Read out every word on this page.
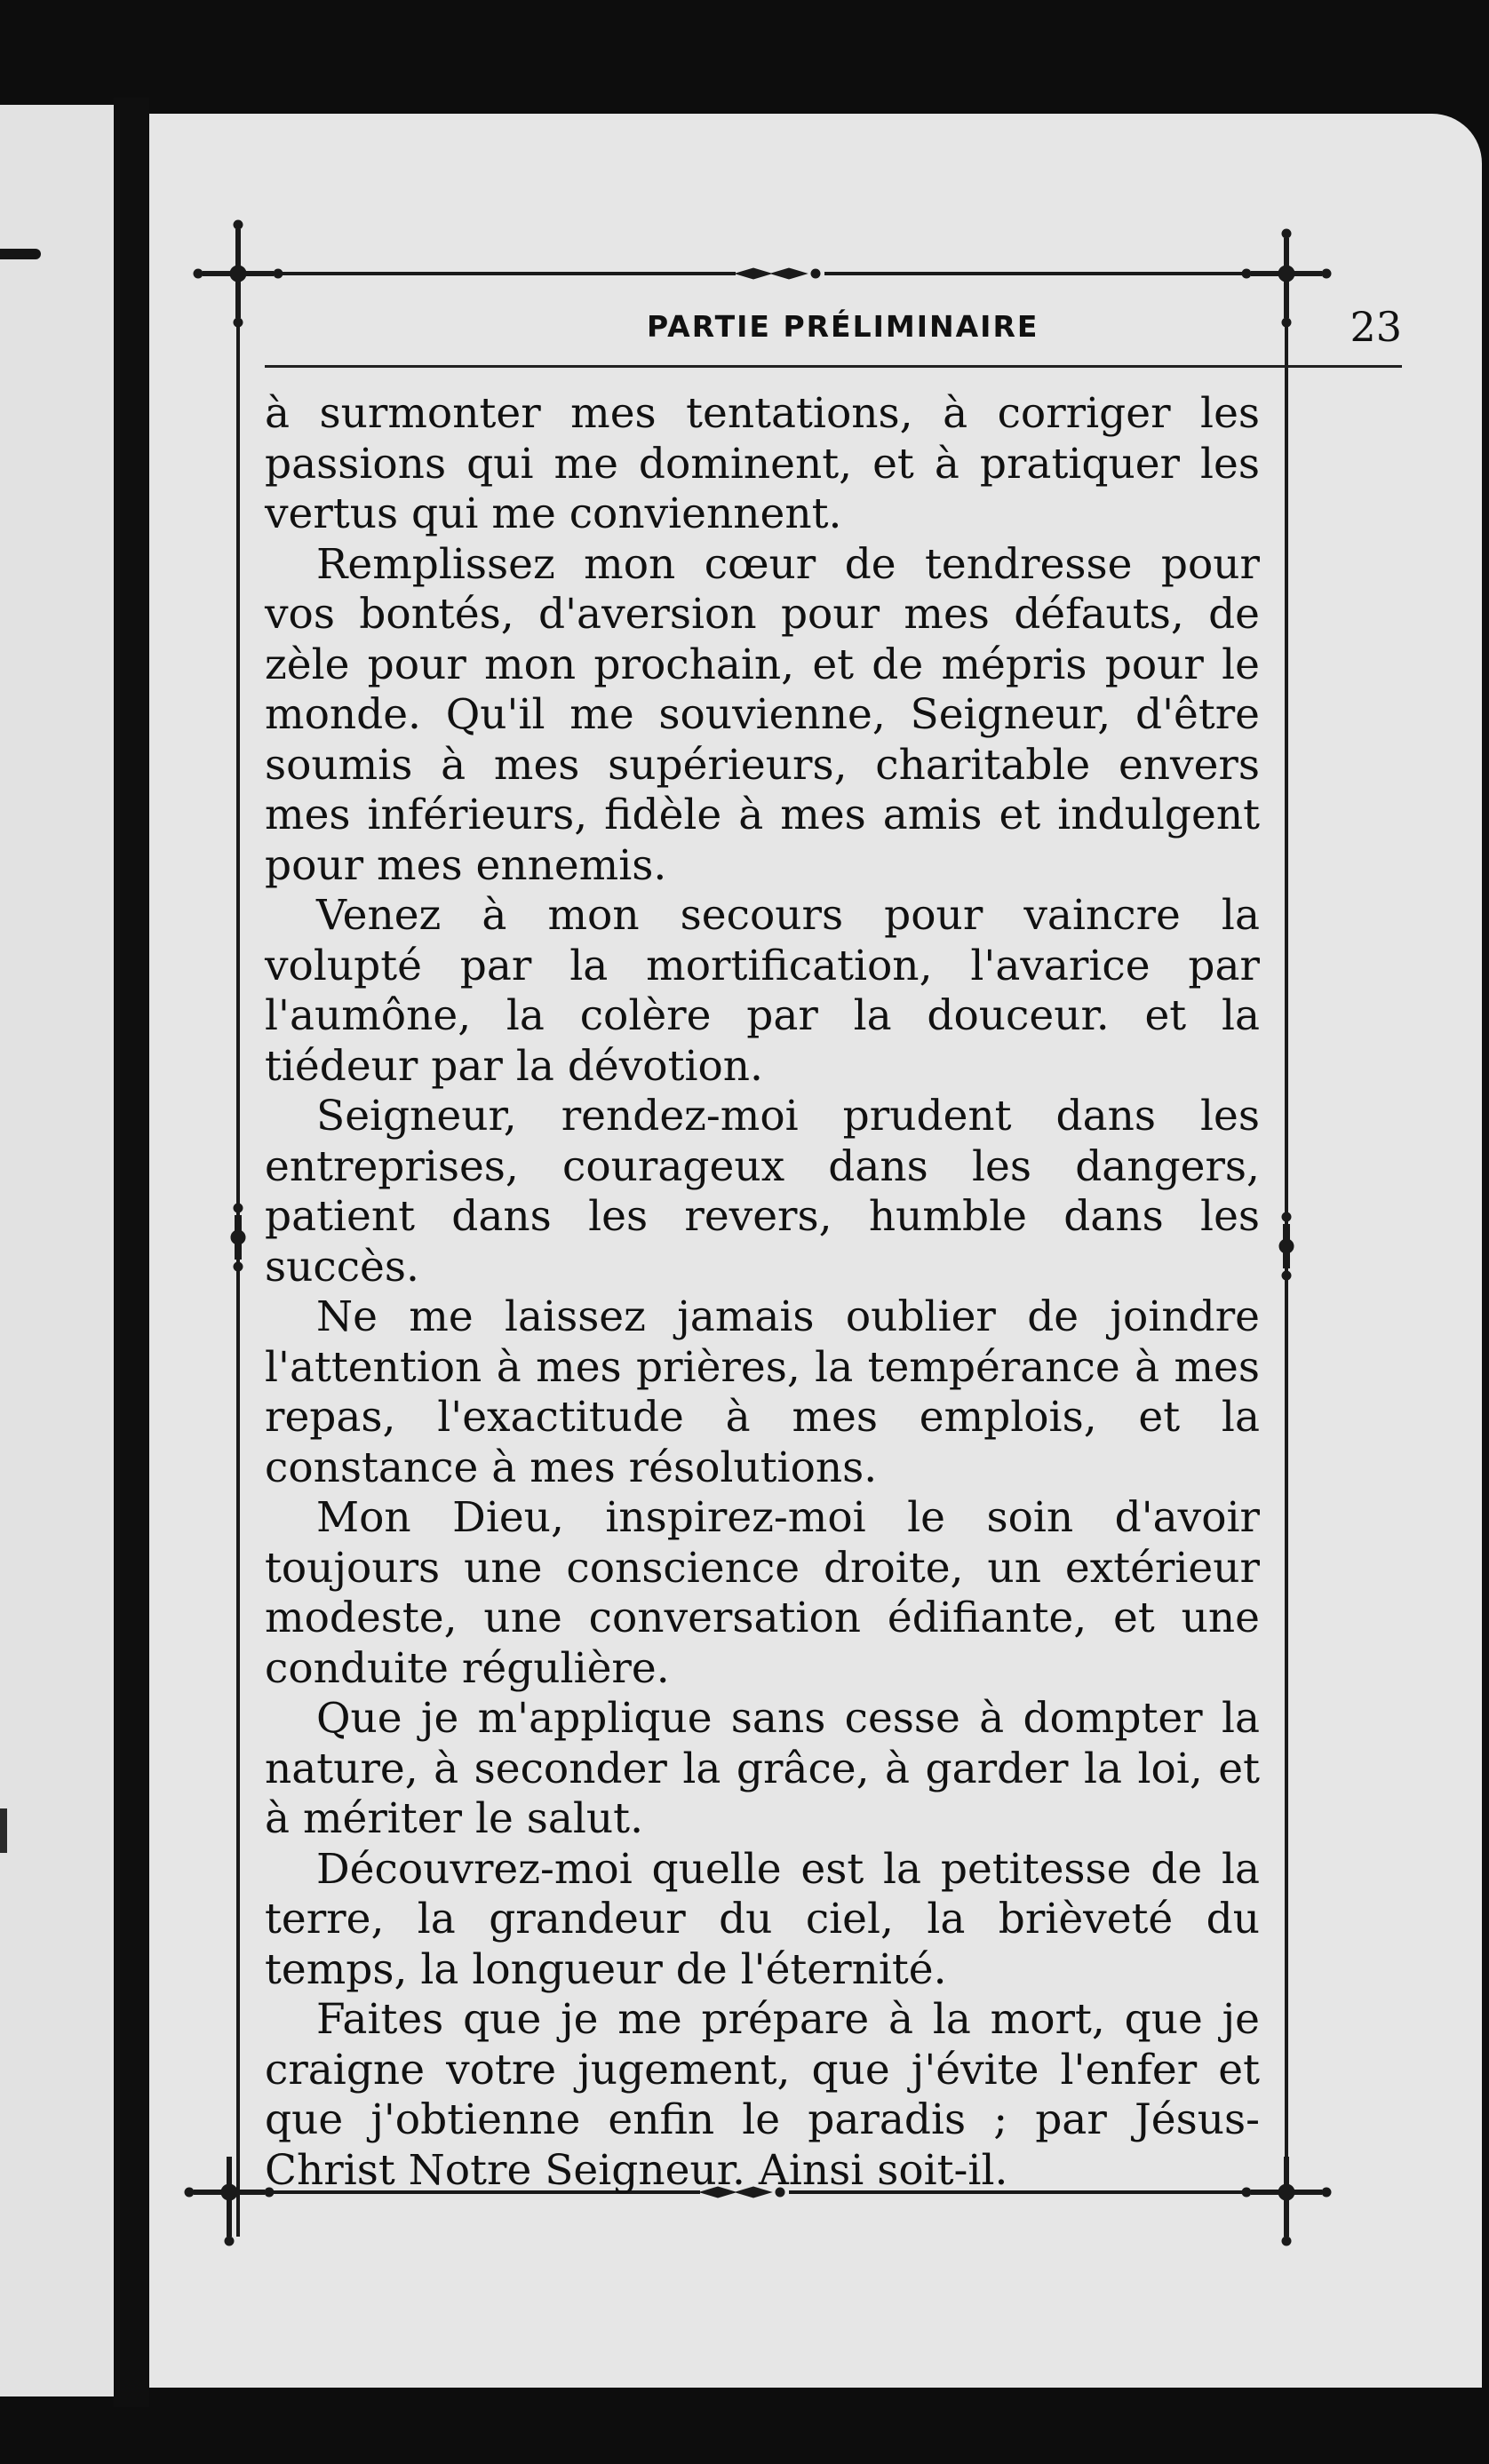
PARTIE PRÉLIMINAIRE	23

à surmonter mes tentations, à corriger les passions qui me dominent, et à pratiquer les vertus qui me conviennent.

Remplissez mon cœur de tendresse pour vos bontés, d'aversion pour mes défauts, de zèle pour mon prochain, et de mépris pour le monde. Qu'il me souvienne, Seigneur, d'être soumis à mes supérieurs, charitable envers mes inférieurs, fidèle à mes amis et indulgent pour mes ennemis.

Venez à mon secours pour vaincre la volupté par la mortification, l'avarice par l'aumône, la colère par la douceur. et la tiédeur par la dévotion.

Seigneur, rendez-moi prudent dans les entreprises, courageux dans les dangers, patient dans les revers, humble dans les succès.

Ne me laissez jamais oublier de joindre l'attention à mes prières, la tempérance à mes repas, l'exactitude à mes emplois, et la constance à mes résolutions.

Mon Dieu, inspirez-moi le soin d'avoir toujours une conscience droite, un extérieur modeste, une conversation édifiante, et une conduite régulière.

Que je m'applique sans cesse à dompter la nature, à seconder la grâce, à garder la loi, et à mériter le salut.

Découvrez-moi quelle est la petitesse de la terre, la grandeur du ciel, la brièveté du temps, la longueur de l'éternité.

Faites que je me prépare à la mort, que je craigne votre jugement, que j'évite l'enfer et que j'obtienne enfin le paradis ; par Jésus-Christ Notre Seigneur. Ainsi soit-il.
